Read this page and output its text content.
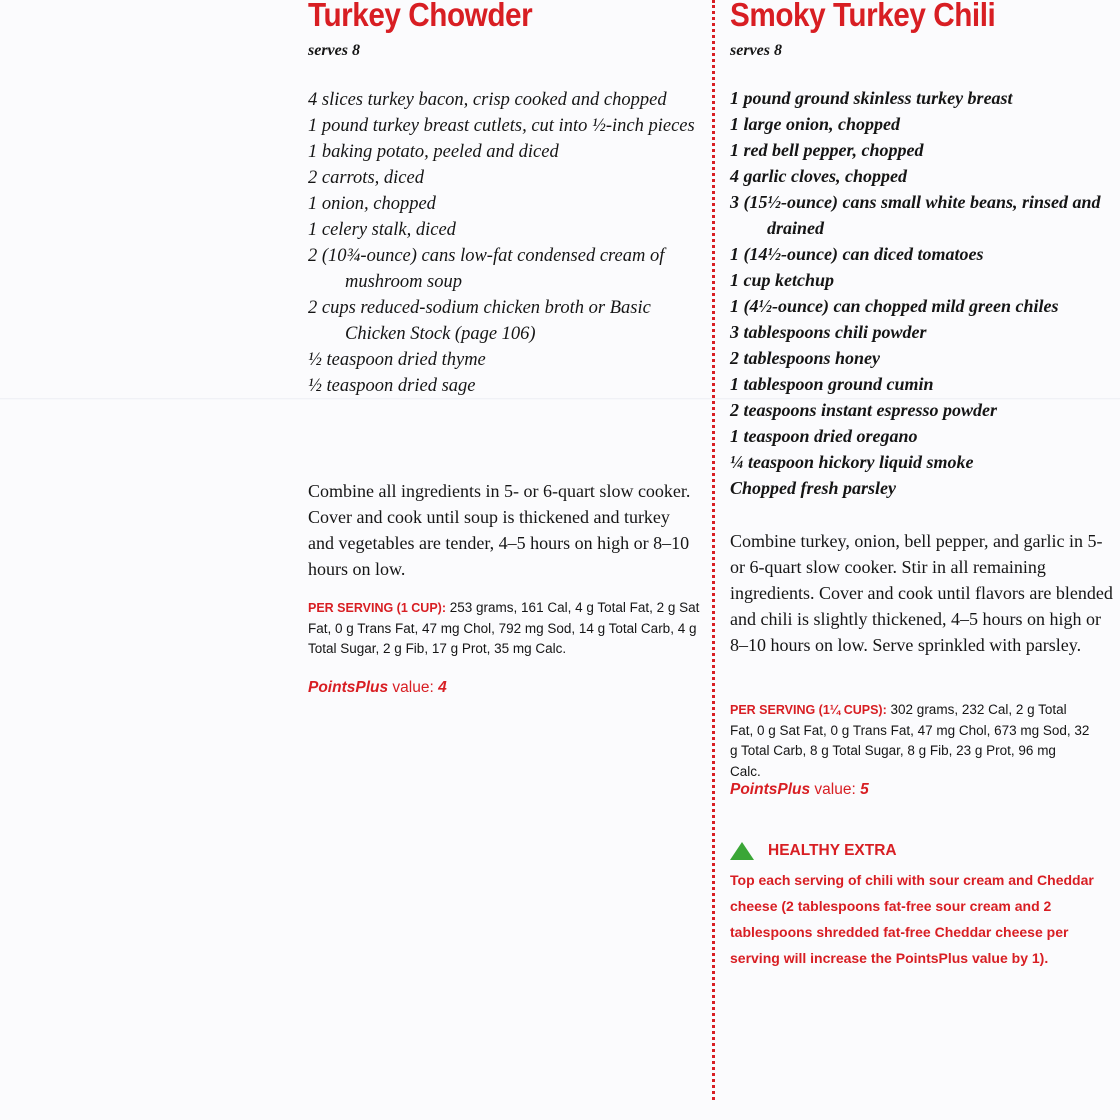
Turkey Chowder
serves 8
4 slices turkey bacon, crisp cooked and chopped
1 pound turkey breast cutlets, cut into ½-inch pieces
1 baking potato, peeled and diced
2 carrots, diced
1 onion, chopped
1 celery stalk, diced
2 (10¾-ounce) cans low-fat condensed cream of mushroom soup
2 cups reduced-sodium chicken broth or Basic Chicken Stock (page 106)
½ teaspoon dried thyme
½ teaspoon dried sage

Combine all ingredients in 5- or 6-quart slow cooker. Cover and cook until soup is thickened and turkey and vegetables are tender, 4–5 hours on high or 8–10 hours on low.

PER SERVING (1 CUP): 253 grams, 161 Cal, 4 g Total Fat, 2 g Sat Fat, 0 g Trans Fat, 47 mg Chol, 792 mg Sod, 14 g Total Carb, 4 g Total Sugar, 2 g Fib, 17 g Prot, 35 mg Calc.

PointsPlus value: 4
Smoky Turkey Chili
serves 8
1 pound ground skinless turkey breast
1 large onion, chopped
1 red bell pepper, chopped
4 garlic cloves, chopped
3 (15½-ounce) cans small white beans, rinsed and drained
1 (14½-ounce) can diced tomatoes
1 cup ketchup
1 (4½-ounce) can chopped mild green chiles
3 tablespoons chili powder
2 tablespoons honey
1 tablespoon ground cumin
2 teaspoons instant espresso powder
1 teaspoon dried oregano
¼ teaspoon hickory liquid smoke
Chopped fresh parsley

Combine turkey, onion, bell pepper, and garlic in 5- or 6-quart slow cooker. Stir in all remaining ingredients. Cover and cook until flavors are blended and chili is slightly thickened, 4–5 hours on high or 8–10 hours on low. Serve sprinkled with parsley.

PER SERVING (1¼ CUPS): 302 grams, 232 Cal, 2 g Total Fat, 0 g Sat Fat, 0 g Trans Fat, 47 mg Chol, 673 mg Sod, 32 g Total Carb, 8 g Total Sugar, 8 g Fib, 23 g Prot, 96 mg Calc.

PointsPlus value: 5
HEALTHY EXTRA

Top each serving of chili with sour cream and Cheddar cheese (2 tablespoons fat-free sour cream and 2 tablespoons shredded fat-free Cheddar cheese per serving will increase the PointsPlus value by 1).
